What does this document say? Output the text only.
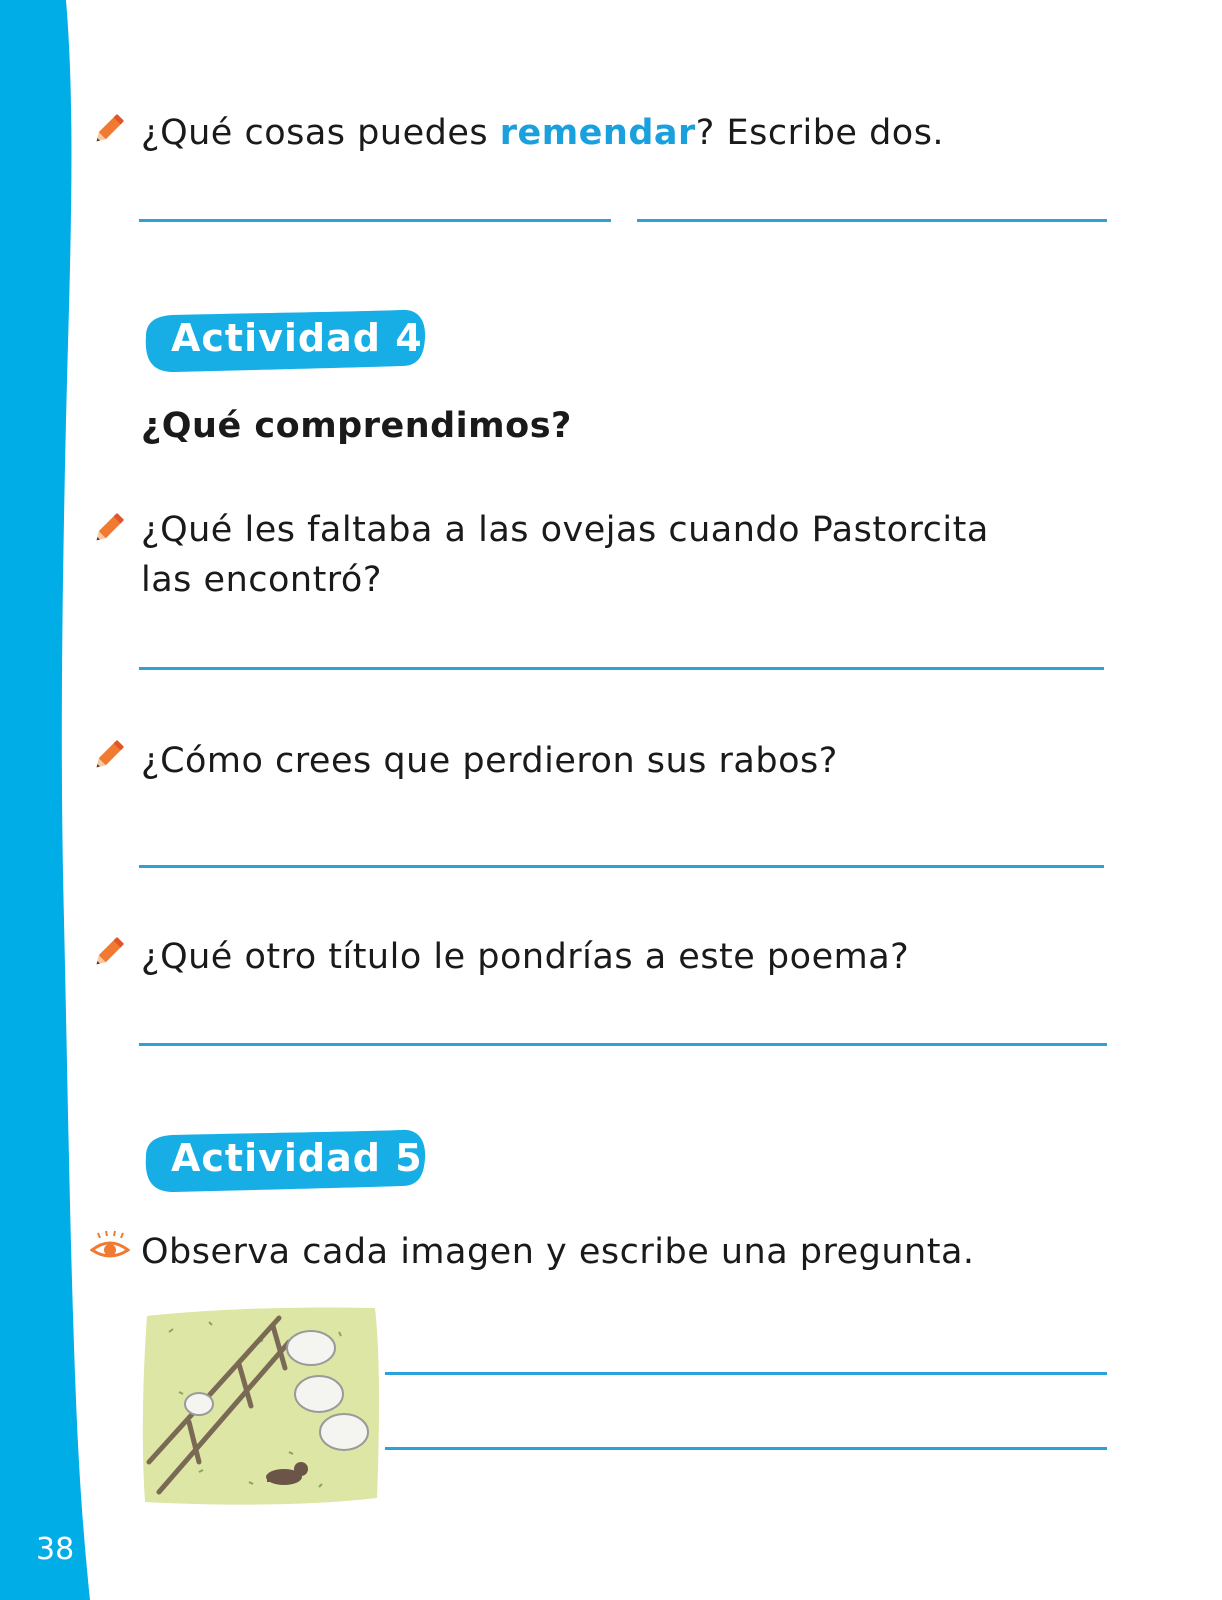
38
¿Qué cosas puedes remendar? Escribe dos.
Actividad 4
¿Qué comprendimos?
¿Qué les faltaba a las ovejas cuando Pastorcita
las encontró?
¿Cómo crees que perdieron sus rabos?
¿Qué otro título le pondrías a este poema?
Actividad 5
Observa cada imagen y escribe una pregunta.
